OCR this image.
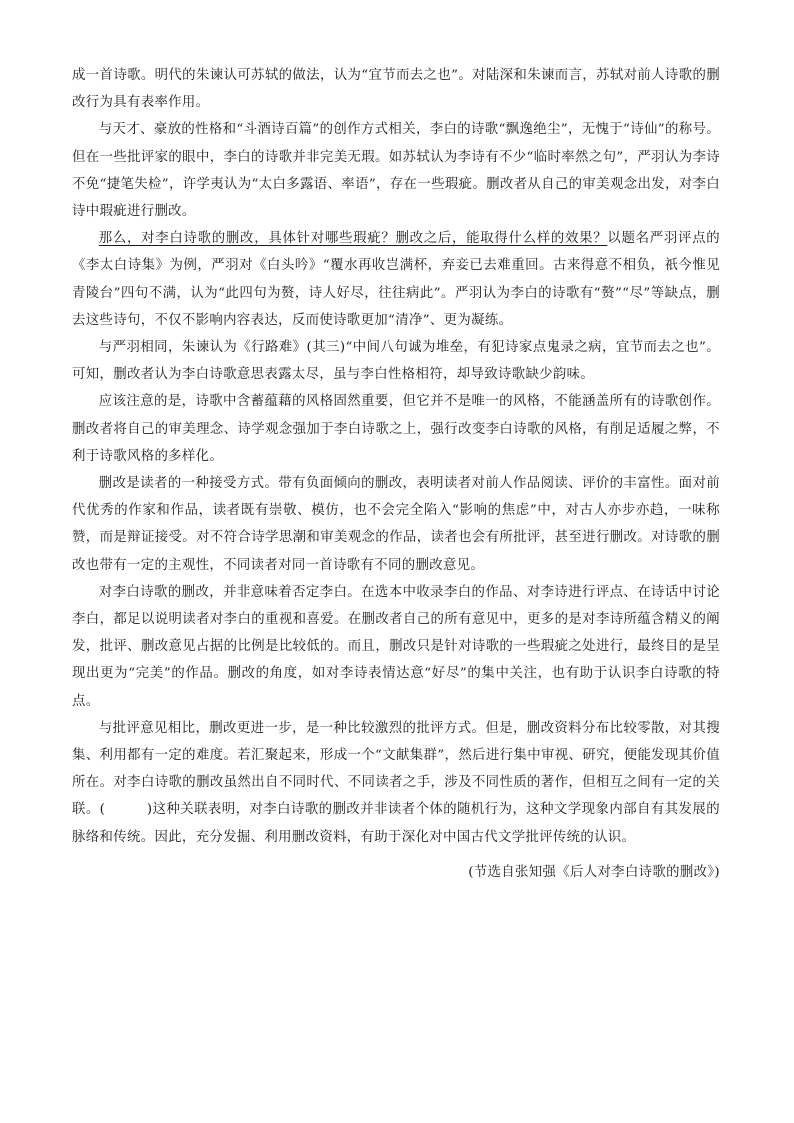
成一首诗歌。明代的朱谏认可苏轼的做法，认为“宜节而去之也”。对陆深和朱谏而言，苏轼对前人诗歌的删改行为具有表率作用。

与天才、豪放的性格和“斗酒诗百篇”的创作方式相关，李白的诗歌“飘逸绝尘”，无愧于“诗仙”的称号。但在一些批评家的眼中，李白的诗歌并非完美无瑕。如苏轼认为李诗有不少“临时率然之句”，严羽认为李诗不免“捷笔失检”，许学夷认为“太白多露语、率语”，存在一些瑕疵。删改者从自己的审美观念出发，对李白诗中瑕疵进行删改。

那么，对李白诗歌的删改，具体针对哪些瑕疵？删改之后，能取得什么样的效果？以题名严羽评点的《李太白诗集》为例，严羽对《白头吟》“覆水再收岂满杯，弃妾已去难重回。古来得意不相负，祇今惟见青陵台”四句不满，认为“此四句为赘，诗人好尽，往往病此”。严羽认为李白的诗歌有“赘”“尽”等缺点，删去这些诗句，不仅不影响内容表达，反而使诗歌更加“清净”、更为凝练。

与严羽相同，朱谏认为《行路难》(其三)“中间八句诚为堆垒，有犯诗家点鬼录之病，宜节而去之也”。可知，删改者认为李白诗歌意思表露太尽，虽与李白性格相符，却导致诗歌缺少韵味。

应该注意的是，诗歌中含蓄蕴藉的风格固然重要，但它并不是唯一的风格，不能涵盖所有的诗歌创作。删改者将自己的审美理念、诗学观念强加于李白诗歌之上，强行改变李白诗歌的风格，有削足适履之弊，不利于诗歌风格的多样化。

删改是读者的一种接受方式。带有负面倾向的删改，表明读者对前人作品阅读、评价的丰富性。面对前代优秀的作家和作品，读者既有崇敬、模仿，也不会完全陷入“影响的焦虑”中，对古人亦步亦趋，一味称赞，而是辩证接受。对不符合诗学思潮和审美观念的作品，读者也会有所批评，甚至进行删改。对诗歌的删改也带有一定的主观性，不同读者对同一首诗歌有不同的删改意见。

对李白诗歌的删改，并非意味着否定李白。在选本中收录李白的作品、对李诗进行评点、在诗话中讨论李白，都足以说明读者对李白的重视和喜爱。在删改者自己的所有意见中，更多的是对李诗所蕴含精义的阐发，批评、删改意见占据的比例是比较低的。而且，删改只是针对诗歌的一些瑕疵之处进行，最终目的是呈现出更为“完美”的作品。删改的角度，如对李诗表情达意“好尽”的集中关注，也有助于认识李白诗歌的特点。

与批评意见相比，删改更进一步，是一种比较激烈的批评方式。但是，删改资料分布比较零散，对其搜集、利用都有一定的难度。若汇聚起来，形成一个“文献集群”，然后进行集中审视、研究，便能发现其价值所在。对李白诗歌的删改虽然出自不同时代、不同读者之手，涉及不同性质的著作，但相互之间有一定的关联。(　　　)这种关联表明，对李白诗歌的删改并非读者个体的随机行为，这种文学现象内部自有其发展的脉络和传统。因此，充分发掘、利用删改资料，有助于深化对中国古代文学批评传统的认识。

(节选自张知强《后人对李白诗歌的删改》)
